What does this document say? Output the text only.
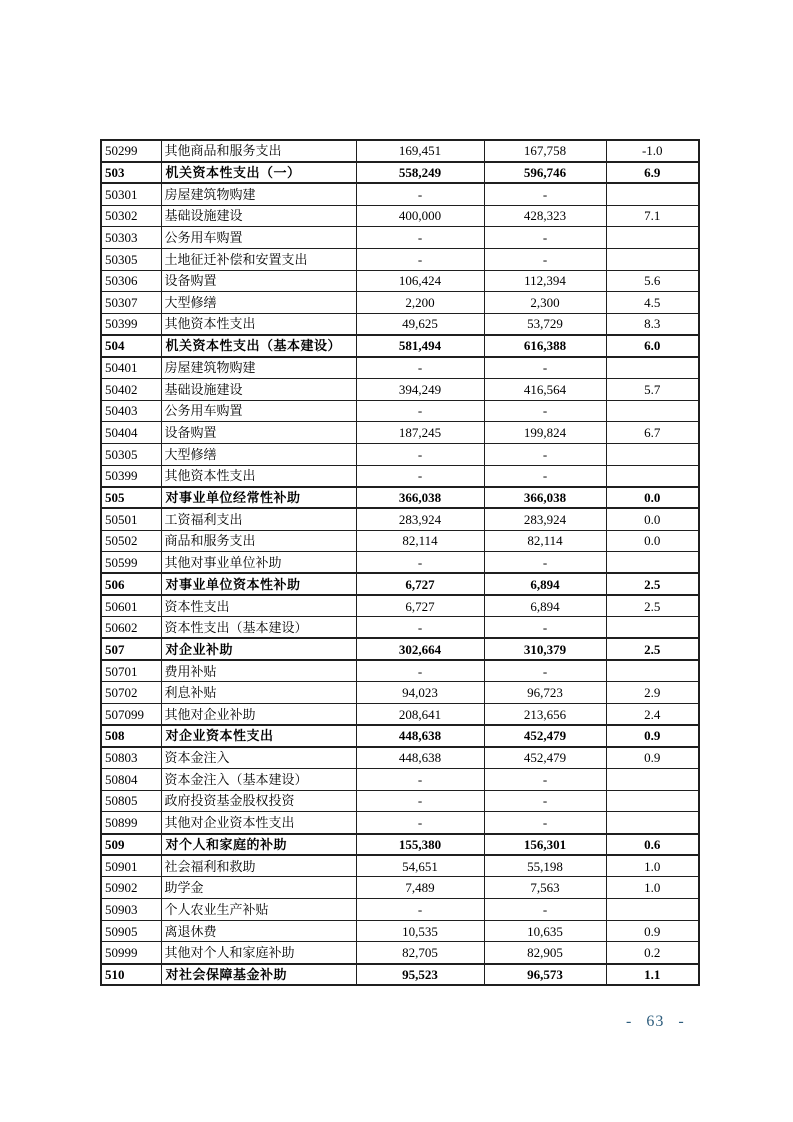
50299	其他商品和服务支出	169,451	167,758	-1.0
503	机关资本性支出（一）	558,249	596,746	6.9
50301	房屋建筑物购建	-	-	
50302	基础设施建设	400,000	428,323	7.1
50303	公务用车购置	-	-	
50305	土地征迁补偿和安置支出	-	-	
50306	设备购置	106,424	112,394	5.6
50307	大型修缮	2,200	2,300	4.5
50399	其他资本性支出	49,625	53,729	8.3
504	机关资本性支出（基本建设）	581,494	616,388	6.0
50401	房屋建筑物购建	-	-	
50402	基础设施建设	394,249	416,564	5.7
50403	公务用车购置	-	-	
50404	设备购置	187,245	199,824	6.7
50305	大型修缮	-	-	
50399	其他资本性支出	-	-	
505	对事业单位经常性补助	366,038	366,038	0.0
50501	工资福利支出	283,924	283,924	0.0
50502	商品和服务支出	82,114	82,114	0.0
50599	其他对事业单位补助	-	-	
506	对事业单位资本性补助	6,727	6,894	2.5
50601	资本性支出	6,727	6,894	2.5
50602	资本性支出（基本建设）	-	-	
507	对企业补助	302,664	310,379	2.5
50701	费用补贴	-	-	
50702	利息补贴	94,023	96,723	2.9
507099	其他对企业补助	208,641	213,656	2.4
508	对企业资本性支出	448,638	452,479	0.9
50803	资本金注入	448,638	452,479	0.9
50804	资本金注入（基本建设）	-	-	
50805	政府投资基金股权投资	-	-	
50899	其他对企业资本性支出	-	-	
509	对个人和家庭的补助	155,380	156,301	0.6
50901	社会福利和救助	54,651	55,198	1.0
50902	助学金	7,489	7,563	1.0
50903	个人农业生产补贴	-	-	
50905	离退休费	10,535	10,635	0.9
50999	其他对个人和家庭补助	82,705	82,905	0.2
510	对社会保障基金补助	95,523	96,573	1.1
- 63 -
